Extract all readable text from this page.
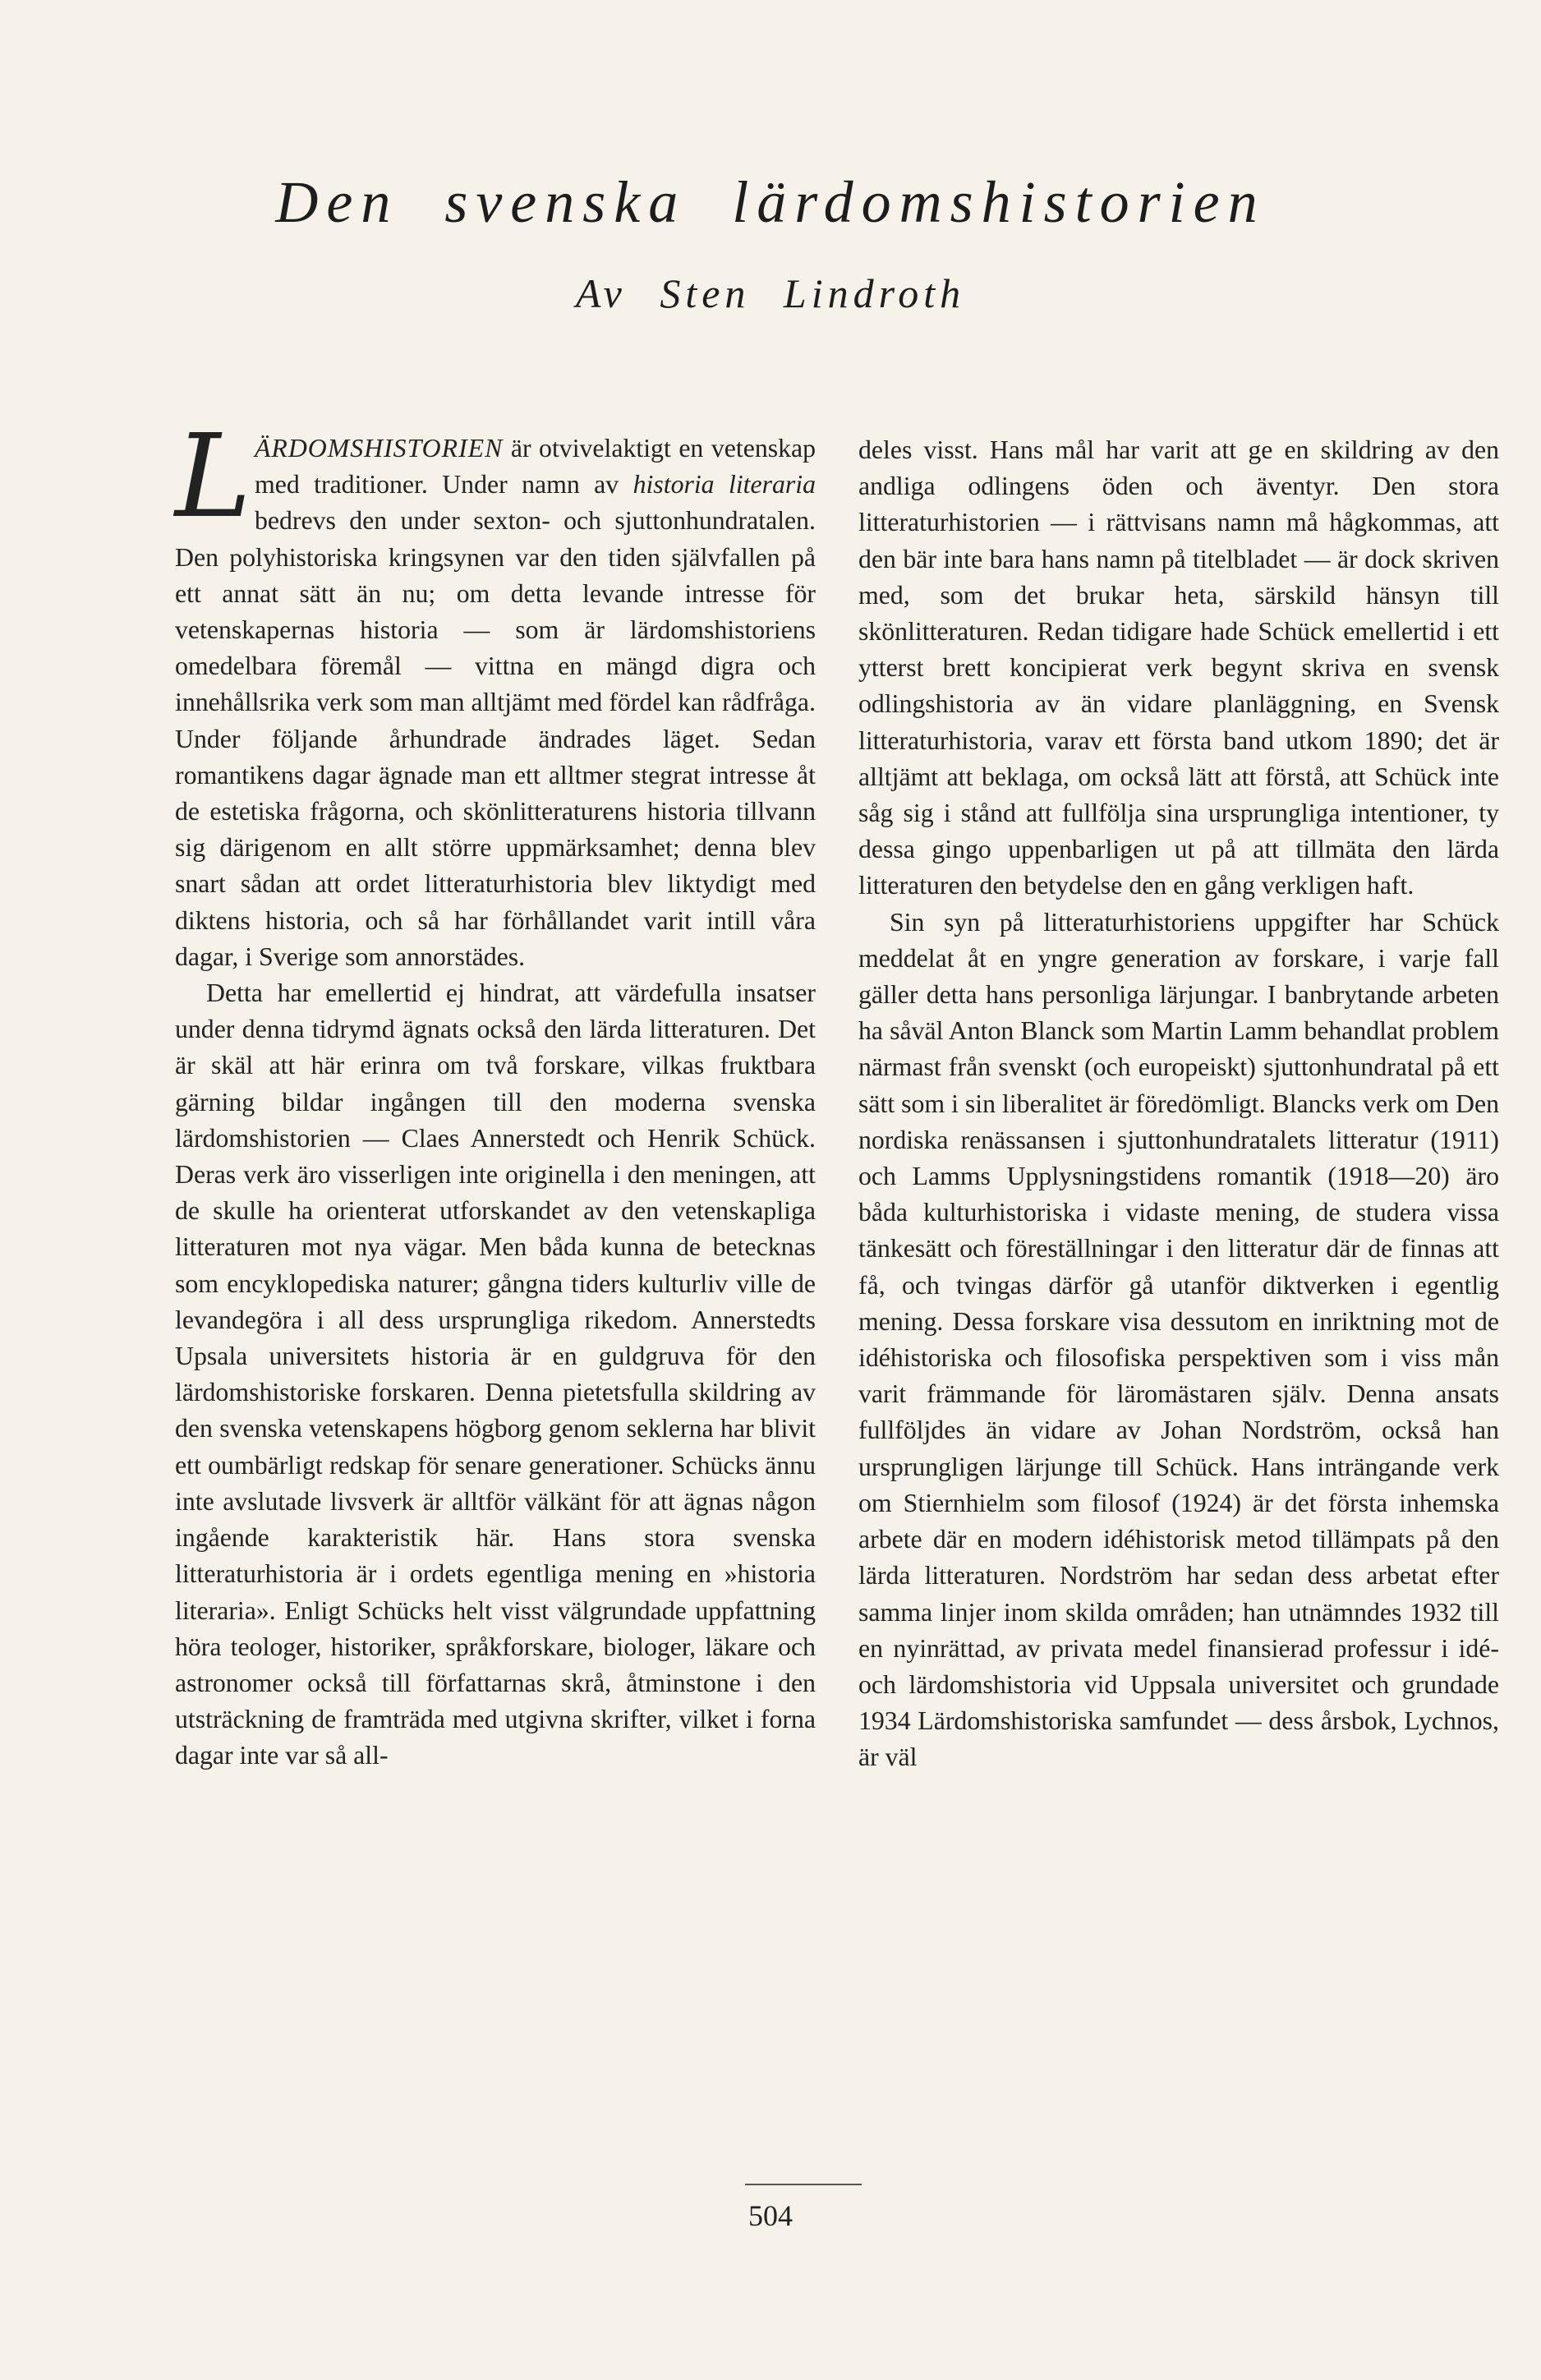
Den svenska lärdomshistorien
Av Sten Lindroth

LÄRDOMSHISTORIEN är otvivelaktigt en vetenskap med traditioner. Under namn av historia literaria bedrevs den under sexton- och sjuttonhundratalen. Den polyhistoriska kringsynen var den tiden självfallen på ett annat sätt än nu; om detta levande intresse för vetenskapernas historia — som är lärdomshistoriens omedelbara föremål — vittna en mängd digra och innehållsrika verk som man alltjämt med fördel kan rådfråga. Under följande århundrade ändrades läget. Sedan romantikens dagar ägnade man ett alltmer stegrat intresse åt de estetiska frågorna, och skönlitteraturens historia tillvann sig därigenom en allt större uppmärksamhet; denna blev snart sådan att ordet litteraturhistoria blev liktydigt med diktens historia, och så har förhållandet varit intill våra dagar, i Sverige som annorstädes.

Detta har emellertid ej hindrat, att värdefulla insatser under denna tidrymd ägnats också den lärda litteraturen. Det är skäl att här erinra om två forskare, vilkas fruktbara gärning bildar ingången till den moderna svenska lärdomshistorien — Claes Annerstedt och Henrik Schück. Deras verk äro visserligen inte originella i den meningen, att de skulle ha orienterat utforskandet av den vetenskapliga litteraturen mot nya vägar. Men båda kunna de betecknas som encyklopediska naturer; gångna tiders kulturliv ville de levandegöra i all dess ursprungliga rikedom. Annerstedts Upsala universitets historia är en guldgruva för den lärdomshistoriske forskaren. Denna pietetsfulla skildring av den svenska vetenskapens högborg genom seklerna har blivit ett oumbärligt redskap för senare generationer. Schücks ännu inte avslutade livsverk är alltför välkänt för att ägnas någon ingående karakteristik här. Hans stora svenska litteraturhistoria är i ordets egentliga mening en »historia literaria». Enligt Schücks helt visst välgrundade uppfattning höra teologer, historiker, språkforskare, biologer, läkare och astronomer också till författarnas skrå, åtminstone i den utsträckning de framträda med utgivna skrifter, vilket i forna dagar inte var så all-

deles visst. Hans mål har varit att ge en skildring av den andliga odlingens öden och äventyr. Den stora litteraturhistorien — i rättvisans namn må hågkommas, att den bär inte bara hans namn på titelbladet — är dock skriven med, som det brukar heta, särskild hänsyn till skönlitteraturen. Redan tidigare hade Schück emellertid i ett ytterst brett koncipierat verk begynt skriva en svensk odlingshistoria av än vidare planläggning, en Svensk litteraturhistoria, varav ett första band utkom 1890; det är alltjämt att beklaga, om också lätt att förstå, att Schück inte såg sig i stånd att fullfölja sina ursprungliga intentioner, ty dessa gingo uppenbarligen ut på att tillmäta den lärda litteraturen den betydelse den en gång verkligen haft.

Sin syn på litteraturhistoriens uppgifter har Schück meddelat åt en yngre generation av forskare, i varje fall gäller detta hans personliga lärjungar. I banbrytande arbeten ha såväl Anton Blanck som Martin Lamm behandlat problem närmast från svenskt (och europeiskt) sjuttonhundratal på ett sätt som i sin liberalitet är föredömligt. Blancks verk om Den nordiska renässansen i sjuttonhundratalets litteratur (1911) och Lamms Upplysningstidens romantik (1918—20) äro båda kulturhistoriska i vidaste mening, de studera vissa tänkesätt och föreställningar i den litteratur där de finnas att få, och tvingas därför gå utanför diktverken i egentlig mening. Dessa forskare visa dessutom en inriktning mot de idéhistoriska och filosofiska perspektiven som i viss mån varit främmande för läromästaren själv. Denna ansats fullföljdes än vidare av Johan Nordström, också han ursprungligen lärjunge till Schück. Hans inträngande verk om Stiernhielm som filosof (1924) är det första inhemska arbete där en modern idéhistorisk metod tillämpats på den lärda litteraturen. Nordström har sedan dess arbetat efter samma linjer inom skilda områden; han utnämndes 1932 till en nyinrättad, av privata medel finansierad professur i idé- och lärdomshistoria vid Uppsala universitet och grundade 1934 Lärdomshistoriska samfundet — dess årsbok, Lychnos, är väl

504
